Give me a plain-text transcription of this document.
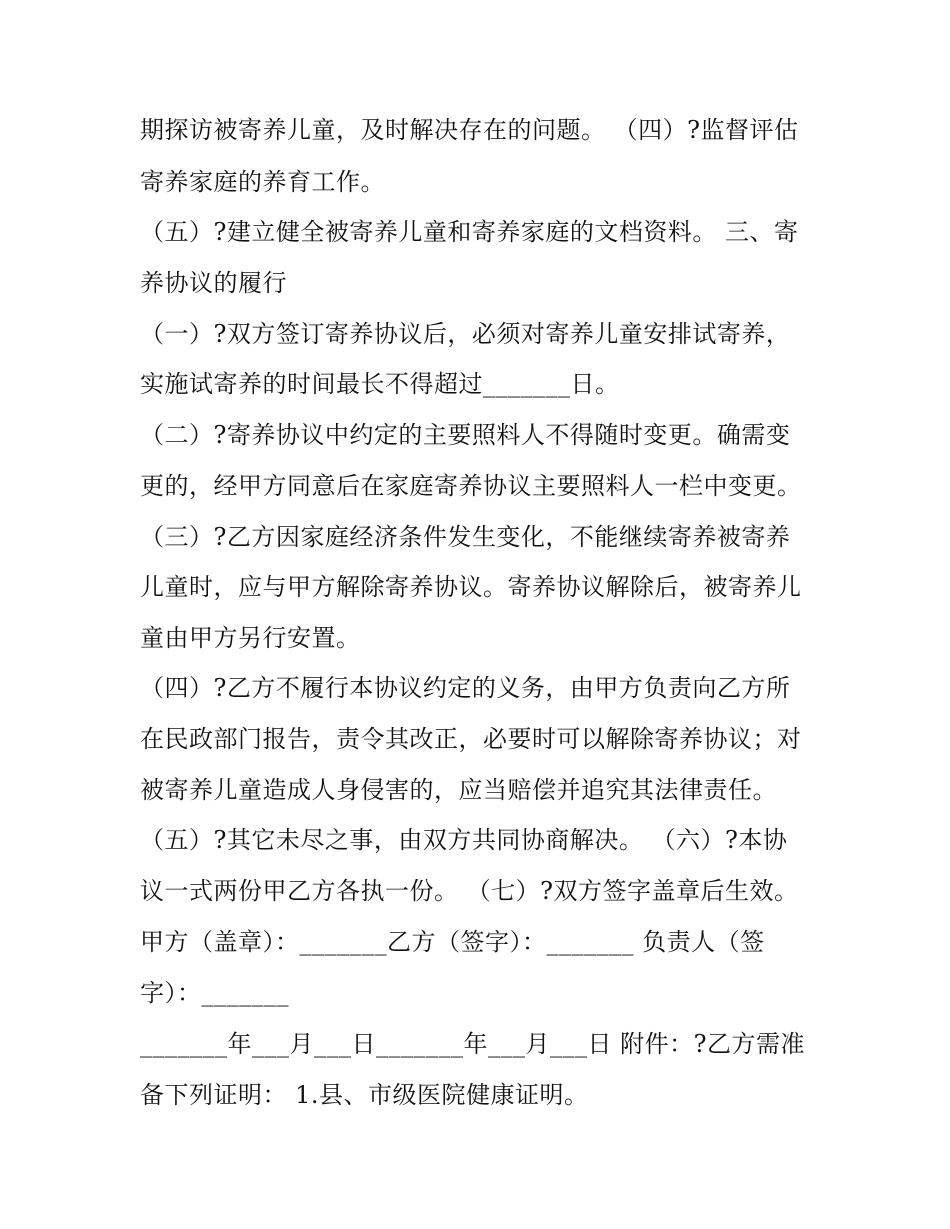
期探访被寄养儿童，及时解决存在的问题。 （四）?监督评估
寄养家庭的养育工作。
（五）?建立健全被寄养儿童和寄养家庭的文档资料。 三、寄
养协议的履行
（一）?双方签订寄养协议后，必须对寄养儿童安排试寄养，
实施试寄养的时间最长不得超过_______日。
（二）?寄养协议中约定的主要照料人不得随时变更。确需变
更的，经甲方同意后在家庭寄养协议主要照料人一栏中变更。
（三）?乙方因家庭经济条件发生变化，不能继续寄养被寄养
儿童时，应与甲方解除寄养协议。寄养协议解除后，被寄养儿
童由甲方另行安置。
（四）?乙方不履行本协议约定的义务，由甲方负责向乙方所
在民政部门报告，责令其改正，必要时可以解除寄养协议；对
被寄养儿童造成人身侵害的，应当赔偿并追究其法律责任。
（五）?其它未尽之事，由双方共同协商解决。 （六）?本协
议一式两份甲乙方各执一份。 （七）?双方签字盖章后生效。
甲方（盖章）：_______乙方（签字）：_______ 负责人（签
字）：_______
_______年___月___日_______年___月___日 附件：?乙方需准
备下列证明： 1.县、市级医院健康证明。
